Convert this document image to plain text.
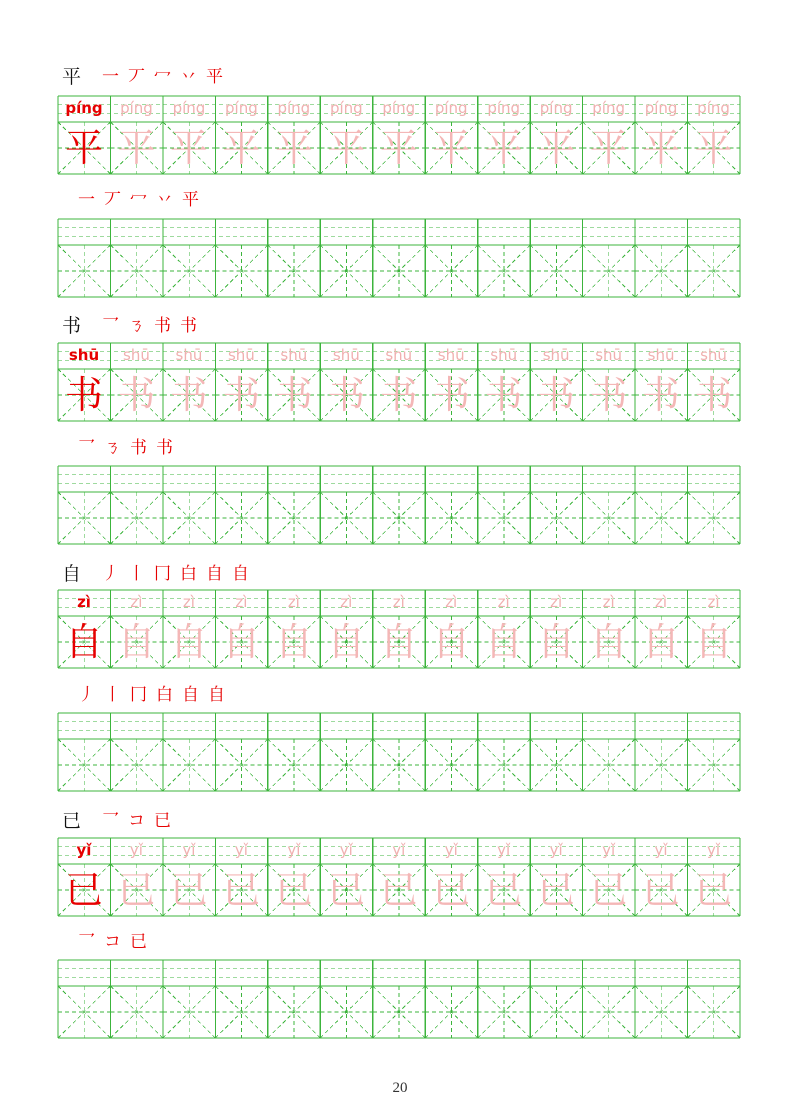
平 一 丆 冖 丷 平
一 丆 冖 丷 平
píng
平
píng
平
píng
平
píng
平
píng
平
píng
平
píng
平
píng
平
píng
平
píng
平
píng
平
píng
平
píng
平
书 乛 ㄋ 书 书
乛 ㄋ 书 书
shū
书
shū
书
shū
书
shū
书
shū
书
shū
书
shū
书
shū
书
shū
书
shū
书
shū
书
shū
书
shū
书
自 丿 丨 冂 白 自 自
丿 丨 冂 白 自 自
zì
自
zì
自
zì
自
zì
自
zì
自
zì
自
zì
自
zì
自
zì
自
zì
自
zì
自
zì
自
zì
自
已 乛 コ 已
乛 コ 已
yǐ
已
yǐ
已
yǐ
已
yǐ
已
yǐ
已
yǐ
已
yǐ
已
yǐ
已
yǐ
已
yǐ
已
yǐ
已
yǐ
已
yǐ
已
20
